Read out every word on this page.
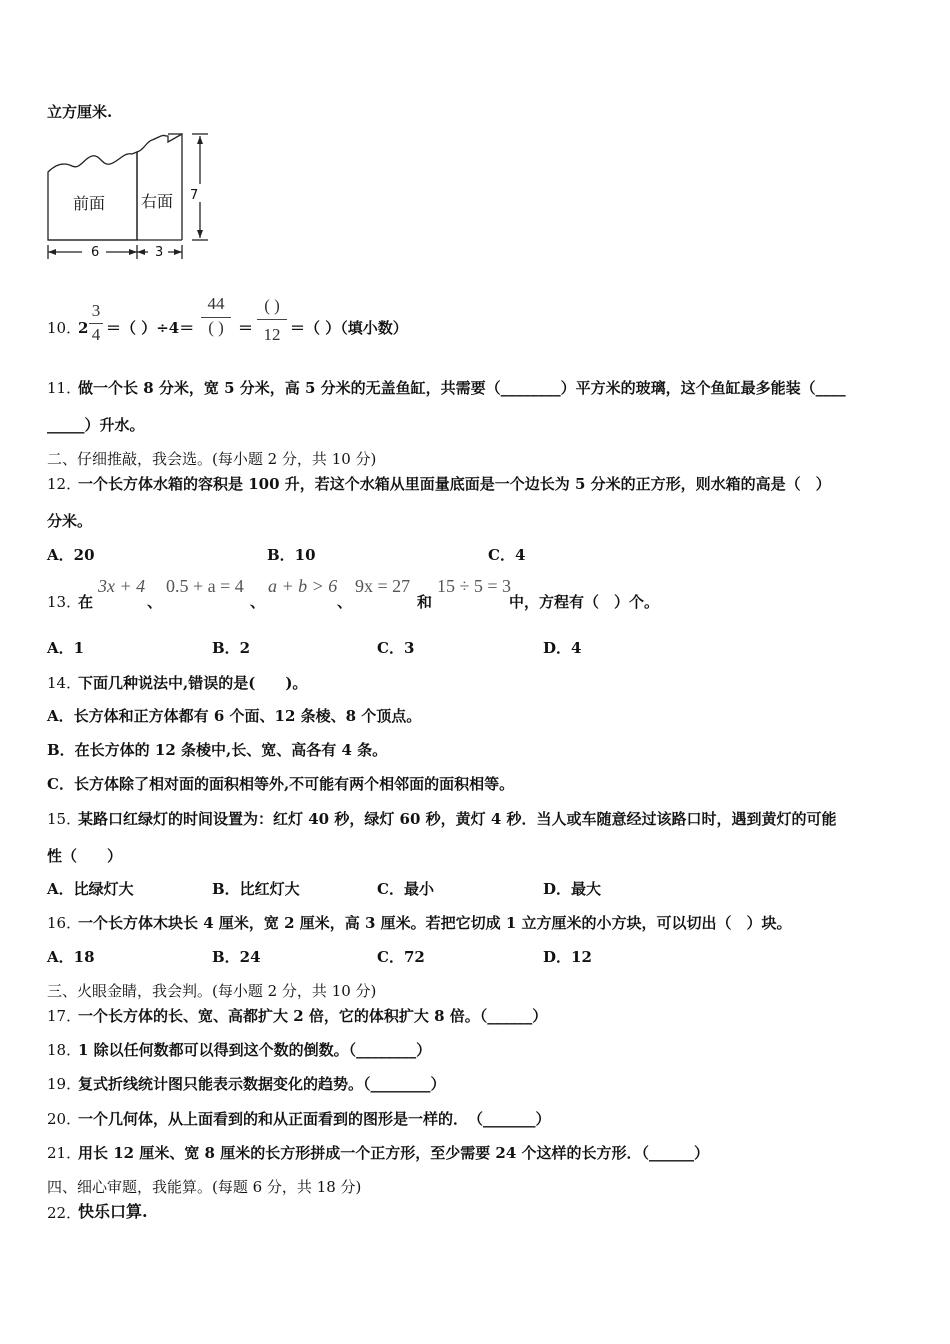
立方厘米.
前面 右面
6	3
7
10．
2
3
4 ＝（ ）÷4＝
44
( ) ＝
( )
12 ＝（ ）（填小数）
11．
做一个长 8 分米，宽 5 分米，高 5 分米的无盖鱼缸，共需要（________）平方米的玻璃，这个鱼缸最多能装（____
_____）升水。
二、仔细推敲，我会选。(每小题 2 分，共 10 分)
12．
一个长方体水箱的容积是 100 升，若这个水箱从里面量底面是一个边长为 5 分米的正方形，则水箱的高是（　）
分米。
A．20	B．10	C．4
13．
在
3x + 4
、
0.5 + a = 4
、
a + b > 6
、
9x = 27
和
15 ÷ 5 = 3
中，方程有（　）个。
A．1	B．2	C．3	D．4
14．
下面几种说法中,错误的是(　　)。
A．长方体和正方体都有 6 个面、12 条棱、8 个顶点。
B．在长方体的 12 条棱中,长、宽、高各有 4 条。
C．长方体除了相对面的面积相等外,不可能有两个相邻面的面积相等。
15．
某路口红绿灯的时间设置为：红灯 40 秒，绿灯 60 秒，黄灯 4 秒．当人或车随意经过该路口时，遇到黄灯的可能
性（　　）
A．比绿灯大	B．比红灯大	C．最小	D．最大
16．
一个长方体木块长 4 厘米，宽 2 厘米，高 3 厘米。若把它切成 1 立方厘米的小方块，可以切出（　）块。
A．18	B．24	C．72	D．12
三、火眼金睛，我会判。(每小题 2 分，共 10 分)
17．
一个长方体的长、宽、高都扩大 2 倍，它的体积扩大 8 倍。（______）
18．
1 除以任何数都可以得到这个数的倒数。（________）
19．
复式折线统计图只能表示数据变化的趋势。（________）
20．
一个几何体，从上面看到的和从正面看到的图形是一样的．　（_______）
21．
用长 12 厘米、宽 8 厘米的长方形拼成一个正方形，至少需要 24 个这样的长方形．（______）
四、细心审题，我能算。(每题 6 分，共 18 分)
22．
快乐口算.
